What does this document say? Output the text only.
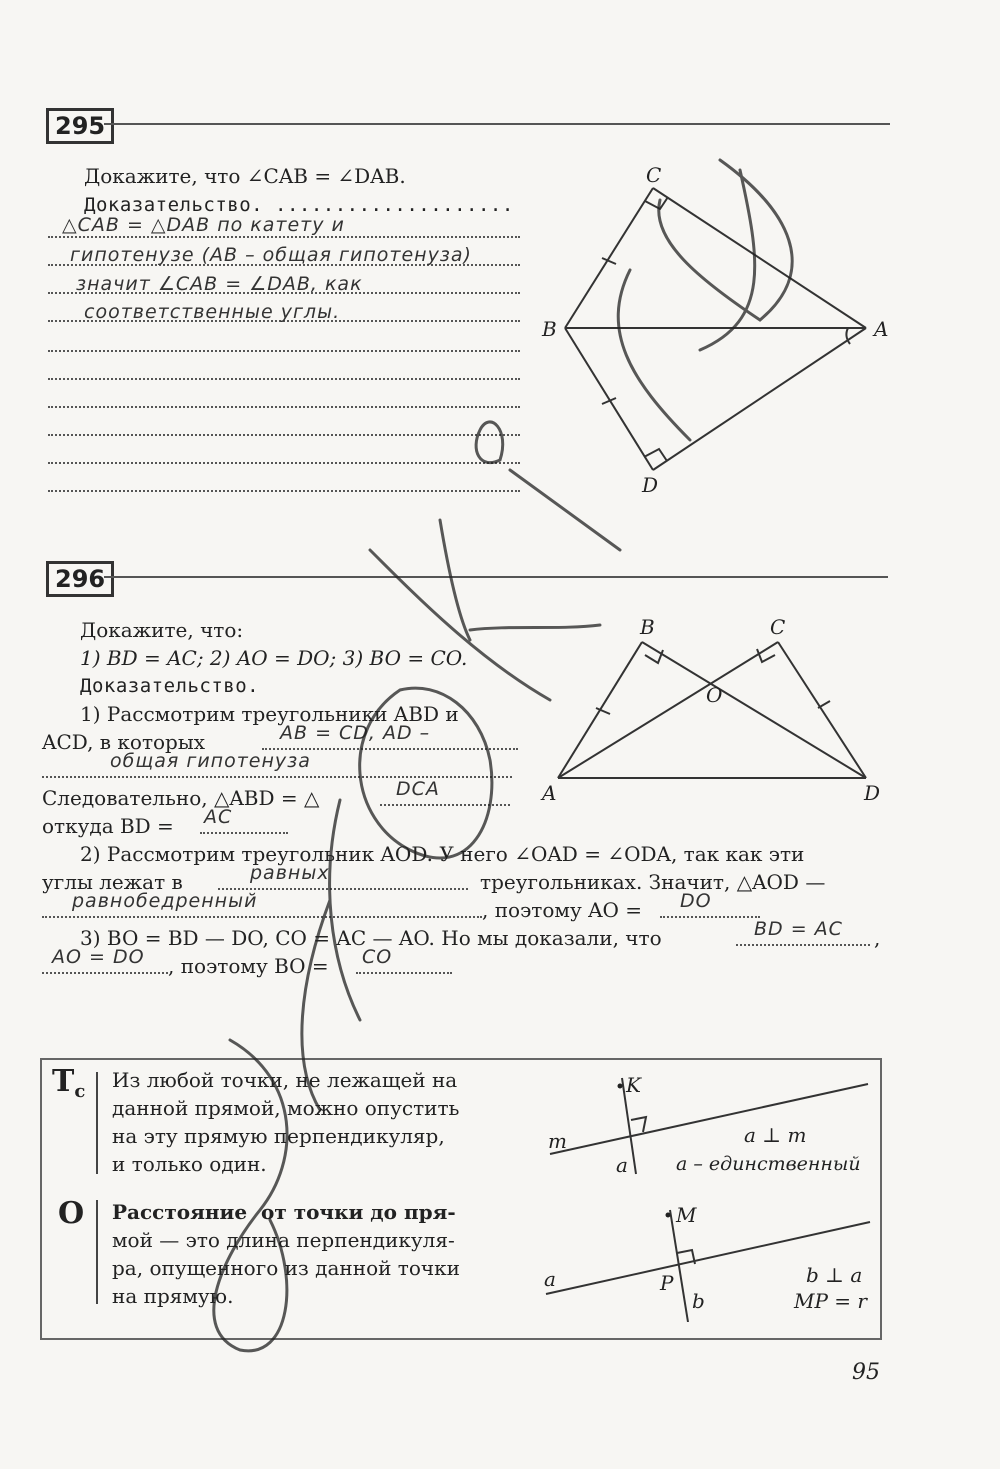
295
Докажите, что ∠CAB = ∠DAB.
Доказательство. ....................
△CAB = △DAB по катету и
гипотенузе (AB – общая гипотенуза)
значит ∠CAB = ∠DAB, как
соответственные углы.
C
B	A
D
296
Докажите, что:
1) BD = AC; 2) AO = DO; 3) BO = CO.
Доказательство.
1) Рассмотрим треугольники ABD и
ACD, в которых	AB = CD, AD –
общая гипотенуза
Следовательно, △ABD = △	DCA
откуда BD = AC
2) Рассмотрим треугольник AOD. У него ∠OAD = ∠ODA, так как эти
углы лежат в	равных	треугольниках. Значит, △AOD —
равнобедренный	, поэтому AO = DO
3) BO = BD — DO, CO = AC — AO. Но мы доказали, что	BD = AC ,
AO = DO , поэтому BO = CO
B	C
O
A	D
$Т_с$ Из любой точки, не лежащей на
данной прямой, можно опустить
на эту прямую перпендикуляр,
и только один.
K
m
a
a ⊥ m
a – единственный
О Расстояние от точки до пря-
мой — это длина перпендикуля-
ра, опущенного из данной точки
на прямую.
M
a	P
b
b ⊥ a
MP = r
95
